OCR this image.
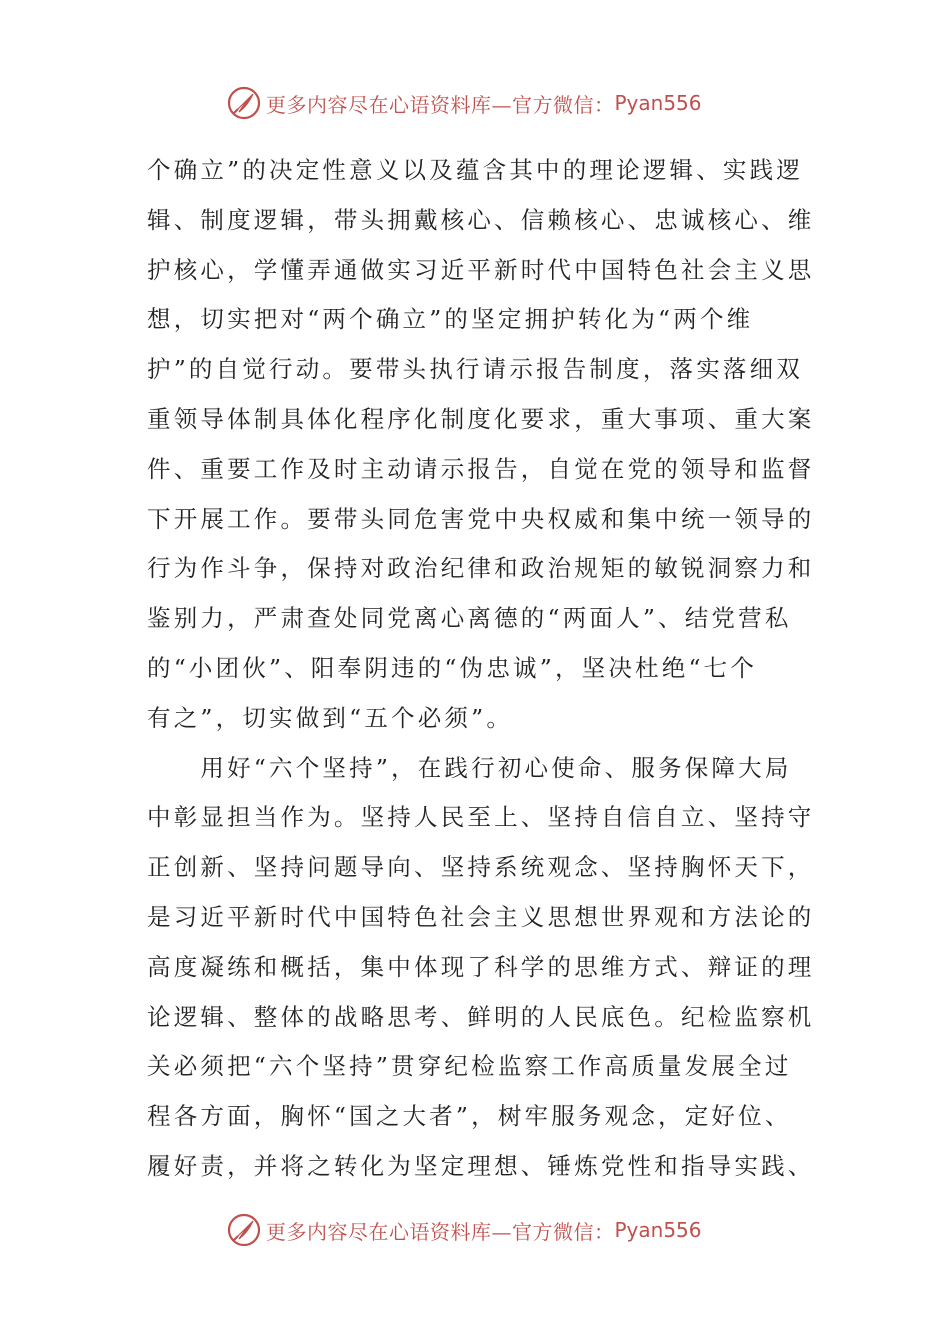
更多内容尽在心语资料库—官方微信： Pyan556
个确立”的决定性意义以及蕴含其中的理论逻辑、实践逻
辑、制度逻辑，带头拥戴核心、信赖核心、忠诚核心、维
护核心，学懂弄通做实习近平新时代中国特色社会主义思
想，切实把对“两个确立”的坚定拥护转化为“两个维
护”的自觉行动。要带头执行请示报告制度，落实落细双
重领导体制具体化程序化制度化要求，重大事项、重大案
件、重要工作及时主动请示报告，自觉在党的领导和监督
下开展工作。要带头同危害党中央权威和集中统一领导的
行为作斗争，保持对政治纪律和政治规矩的敏锐洞察力和
鉴别力，严肃查处同党离心离德的“两面人”、结党营私
的“小团伙”、阳奉阴违的“伪忠诚”，坚决杜绝“七个
有之”，切实做到“五个必须”。
　　用好“六个坚持”，在践行初心使命、服务保障大局
中彰显担当作为。坚持人民至上、坚持自信自立、坚持守
正创新、坚持问题导向、坚持系统观念、坚持胸怀天下，
是习近平新时代中国特色社会主义思想世界观和方法论的
高度凝练和概括，集中体现了科学的思维方式、辩证的理
论逻辑、整体的战略思考、鲜明的人民底色。纪检监察机
关必须把“六个坚持”贯穿纪检监察工作高质量发展全过
程各方面，胸怀“国之大者”，树牢服务观念，定好位、
履好责，并将之转化为坚定理想、锤炼党性和指导实践、
更多内容尽在心语资料库—官方微信： Pyan556
